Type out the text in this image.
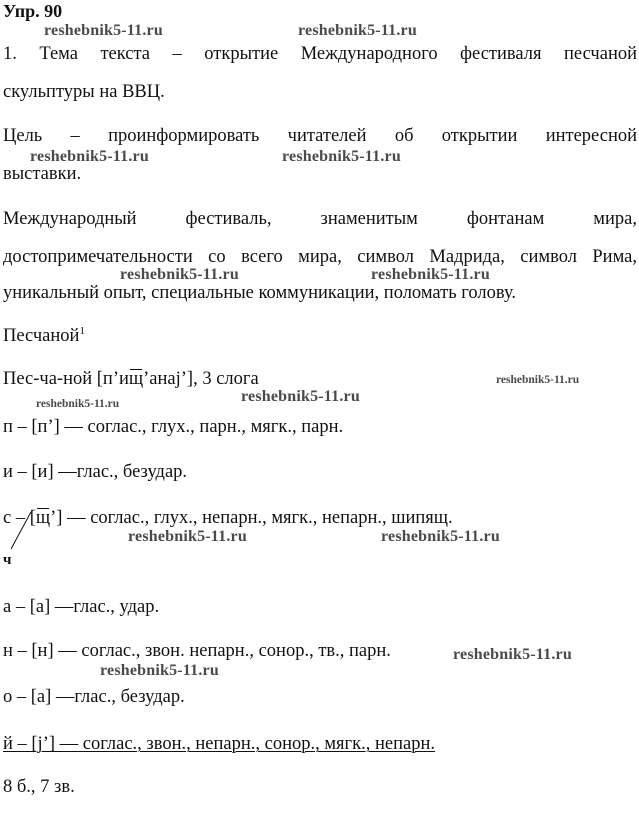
Упр. 90
1. Тема текста – открытие Международного фестиваля песчаной
скульптуры на ВВЦ.
Цель – проинформировать читателей об открытии интересной
выставки.
Международный фестиваль, знаменитым фонтанам мира,
достопримечательности со всего мира, символ Мадрида, символ Рима,
уникальный опыт, специальные коммуникации, поломать голову.
Песчаной$^1$
Пес-ча-ной [п’ищ’анаj’], 3 слога
п – [п’] — соглас., глух., парн., мягк., парн.
и – [и] —глас., безудар.
с – [щ’] — соглас., глух., непарн., мягк., непарн., шипящ.
ч
а – [а] —глас., удар.
н – [н] — соглас., звон. непарн., сонор., тв., парн.
о – [а] —глас., безудар.
й – [j’] — соглас., звон., непарн., сонор., мягк., непарн.
8 б., 7 зв.
reshebnik5-11.ru	reshebnik5-11.ru
reshebnik5-11.ru	reshebnik5-11.ru
reshebnik5-11.ru	reshebnik5-11.ru
reshebnik5-11.ru
reshebnik5-11.ru
reshebnik5-11.ru
reshebnik5-11.ru	reshebnik5-11.ru
reshebnik5-11.ru
reshebnik5-11.ru
